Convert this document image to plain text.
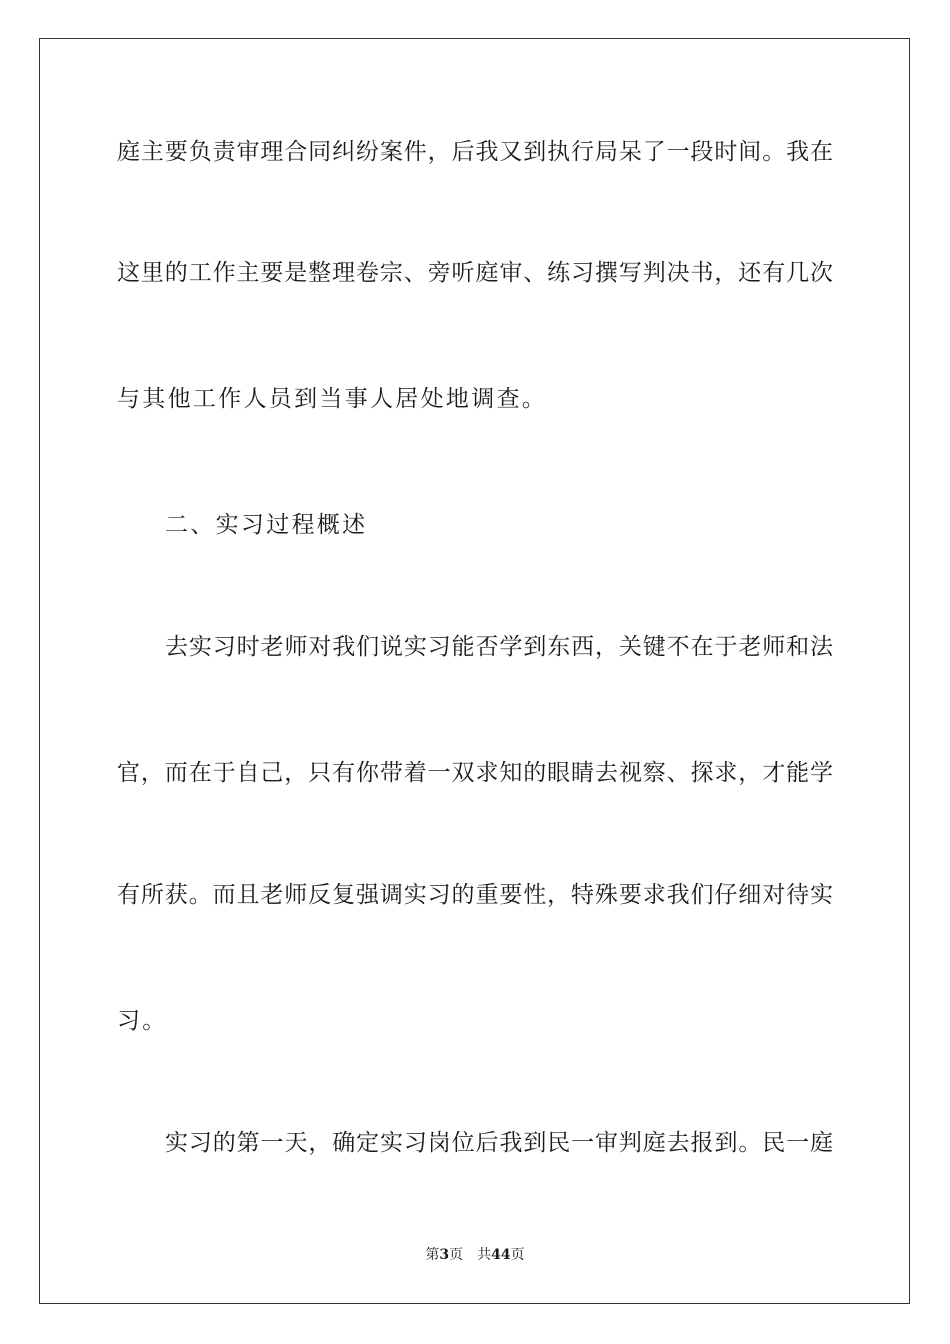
庭主要负责审理合同纠纷案件，后我又到执行局呆了一段时间。我在
这里的工作主要是整理卷宗、旁听庭审、练习撰写判决书，还有几次
与其他工作人员到当事人居处地调查。
二、实习过程概述
去实习时老师对我们说实习能否学到东西，关键不在于老师和法
官，而在于自己，只有你带着一双求知的眼睛去视察、探求，才能学
有所获。而且老师反复强调实习的重要性，特殊要求我们仔细对待实
习。
实习的第一天，确定实习岗位后我到民一审判庭去报到。民一庭
第3页 共44页
